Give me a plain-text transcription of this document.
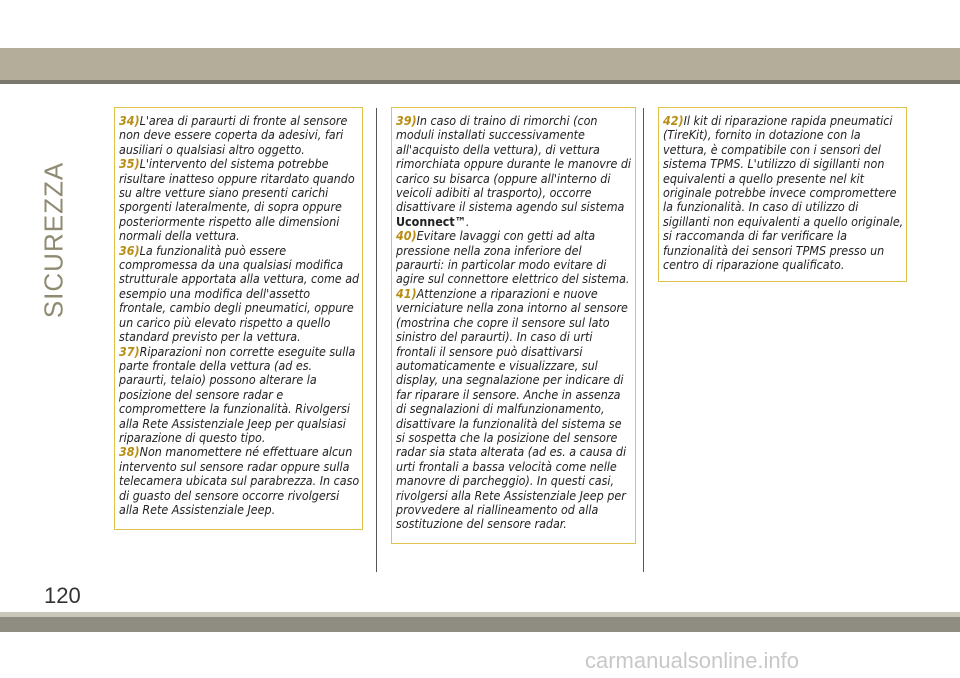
SICUREZZA

34)L'area di paraurti di fronte al sensore non deve essere coperta da adesivi, fari ausiliari o qualsiasi altro oggetto.

35)L'intervento del sistema potrebbe risultare inatteso oppure ritardato quando su altre vetture siano presenti carichi sporgenti lateralmente, di sopra oppure posteriormente rispetto alle dimensioni normali della vettura.

36)La funzionalità può essere compromessa da una qualsiasi modifica strutturale apportata alla vettura, come ad esempio una modifica dell'assetto frontale, cambio degli pneumatici, oppure un carico più elevato rispetto a quello standard previsto per la vettura.

37)Riparazioni non corrette eseguite sulla parte frontale della vettura (ad es. paraurti, telaio) possono alterare la posizione del sensore radar e compromettere la funzionalità. Rivolgersi alla Rete Assistenziale Jeep per qualsiasi riparazione di questo tipo.

38)Non manomettere né effettuare alcun intervento sul sensore radar oppure sulla telecamera ubicata sul parabrezza. In caso di guasto del sensore occorre rivolgersi alla Rete Assistenziale Jeep.

39)In caso di traino di rimorchi (con moduli installati successivamente all'acquisto della vettura), di vettura rimorchiata oppure durante le manovre di carico su bisarca (oppure all'interno di veicoli adibiti al trasporto), occorre disattivare il sistema agendo sul sistema Uconnect™.

40)Evitare lavaggi con getti ad alta pressione nella zona inferiore del paraurti: in particolar modo evitare di agire sul connettore elettrico del sistema.

41)Attenzione a riparazioni e nuove verniciature nella zona intorno al sensore (mostrina che copre il sensore sul lato sinistro del paraurti). In caso di urti frontali il sensore può disattivarsi automaticamente e visualizzare, sul display, una segnalazione per indicare di far riparare il sensore. Anche in assenza di segnalazioni di malfunzionamento, disattivare la funzionalità del sistema se si sospetta che la posizione del sensore radar sia stata alterata (ad es. a causa di urti frontali a bassa velocità come nelle manovre di parcheggio). In questi casi, rivolgersi alla Rete Assistenziale Jeep per provvedere al riallineamento od alla sostituzione del sensore radar.

42)Il kit di riparazione rapida pneumatici (TireKit), fornito in dotazione con la vettura, è compatibile con i sensori del sistema TPMS. L'utilizzo di sigillanti non equivalenti a quello presente nel kit originale potrebbe invece compromettere la funzionalità. In caso di utilizzo di sigillanti non equivalenti a quello originale, si raccomanda di far verificare la funzionalità dei sensori TPMS presso un centro di riparazione qualificato.

120
carmanualsonline.info
